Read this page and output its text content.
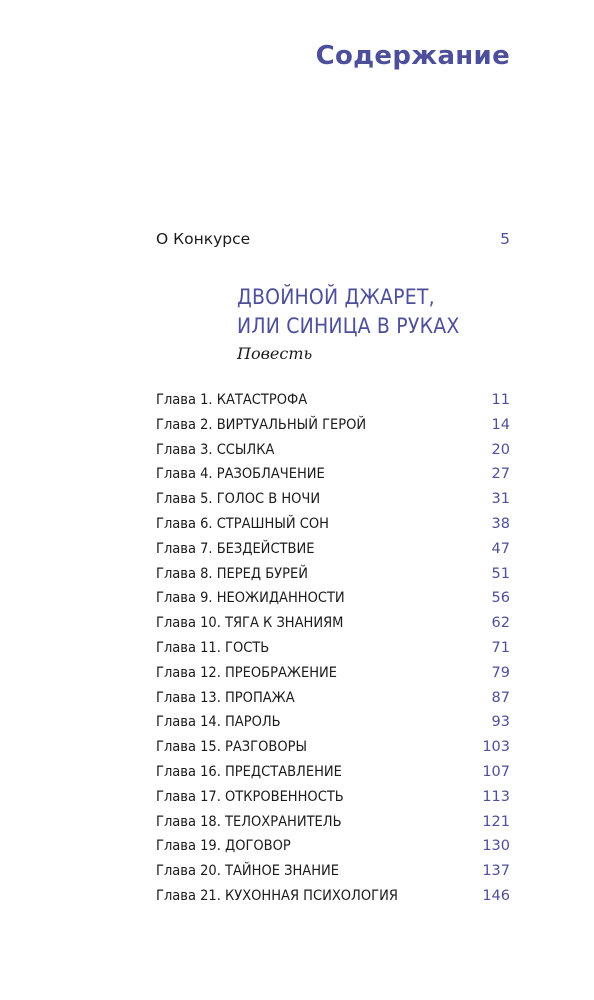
Содержание
О Конкурсе	5
ДВОЙНОЙ ДЖАРЕТ,
ИЛИ СИНИЦА В РУКАХ

Повесть

Глава 1. КАТАСТРОФА	11
Глава 2. ВИРТУАЛЬНЫЙ ГЕРОЙ	14
Глава 3. ССЫЛКА	20
Глава 4. РАЗОБЛАЧЕНИЕ	27
Глава 5. ГОЛОС В НОЧИ	31
Глава 6. СТРАШНЫЙ СОН	38
Глава 7. БЕЗДЕЙСТВИЕ	47
Глава 8. ПЕРЕД БУРЕЙ	51
Глава 9. НЕОЖИДАННОСТИ	56
Глава 10. ТЯГА К ЗНАНИЯМ	62
Глава 11. ГОСТЬ	71
Глава 12. ПРЕОБРАЖЕНИЕ	79
Глава 13. ПРОПАЖА	87
Глава 14. ПАРОЛЬ	93
Глава 15. РАЗГОВОРЫ	103
Глава 16. ПРЕДСТАВЛЕНИЕ	107
Глава 17. ОТКРОВЕННОСТЬ	113
Глава 18. ТЕЛОХРАНИТЕЛЬ	121
Глава 19. ДОГОВОР	130
Глава 20. ТАЙНОЕ ЗНАНИЕ	137
Глава 21. КУХОННАЯ ПСИХОЛОГИЯ	146
